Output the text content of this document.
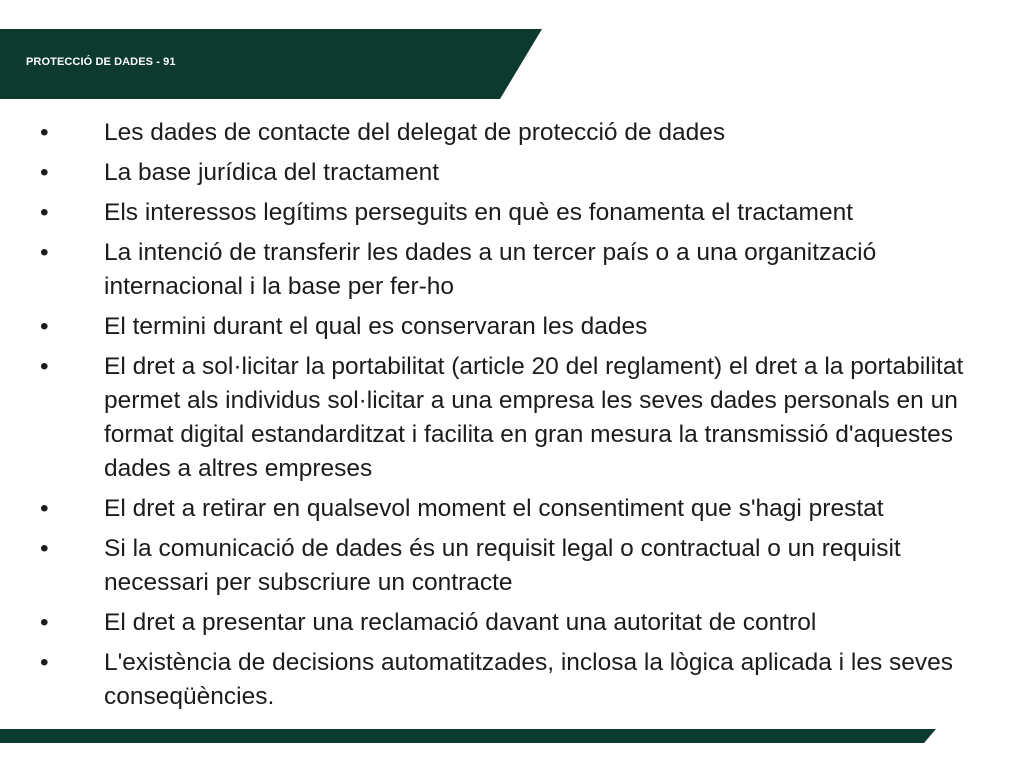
PROTECCIÓ DE DADES - 91
•	Les dades de contacte del delegat de protecció de dades
•	La base jurídica del tractament
•	Els interessos legítims perseguits en què es fonamenta el tractament
•	La intenció de transferir les dades a un tercer país o a una organització internacional i la base per fer-ho
•	El termini durant el qual es conservaran les dades
•	El dret a sol·licitar la portabilitat (article 20 del reglament) el dret a la portabilitat permet als individus sol·licitar a una empresa les seves dades personals en un format digital estandarditzat i facilita en gran mesura la transmissió d'aquestes dades a altres empreses
•	El dret a retirar en qualsevol moment el consentiment que s'hagi prestat
•	Si la comunicació de dades és un requisit legal o contractual o un requisit necessari per subscriure un contracte
•	El dret a presentar una reclamació davant una autoritat de control
•	L'existència de decisions automatitzades, inclosa la lògica aplicada i les seves conseqüències.
